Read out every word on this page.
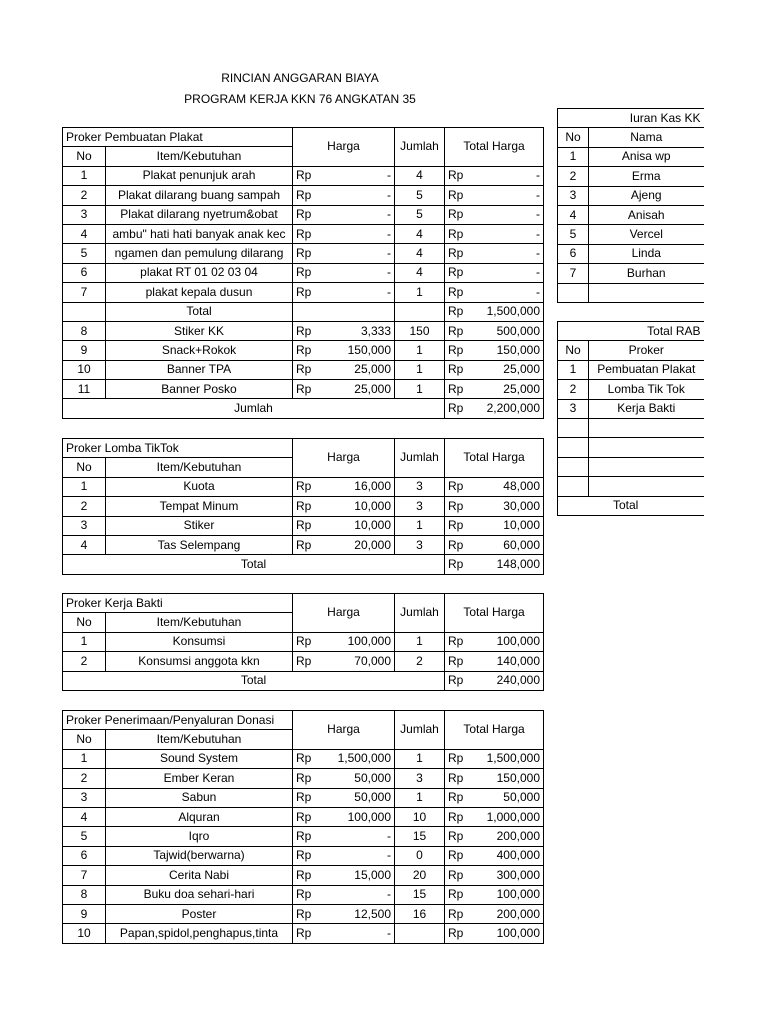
RINCIAN ANGGARAN BIAYA
PROGRAM KERJA KKN 76 ANGKATAN 35
Proker Pembuatan Plakat		Harga		Jumlah	Total Harga	
No	Item/Kebutuhan					
1	Plakat penunjuk arah	Rp	-	4	Rp	-
2	Plakat dilarang buang sampah	Rp	-	5	Rp	-
3	Plakat dilarang nyetrum&obat	Rp	-	5	Rp	-
4	ambu" hati hati banyak anak kec	Rp	-	4	Rp	-
5	ngamen dan pemulung dilarang	Rp	-	4	Rp	-
6	plakat RT 01 02 03 04	Rp	-	4	Rp	-
7	plakat kepala dusun	Rp	-	1	Rp	-
	Total				Rp	1,500,000
8	Stiker KK	Rp	3,333	150	Rp	500,000
9	Snack+Rokok	Rp	150,000	1	Rp	150,000
10	Banner TPA	Rp	25,000	1	Rp	25,000
11	Banner Posko	Rp	25,000	1	Rp	25,000
Jumlah					Rp	2,200,000
Proker Lomba TikTok		Harga		Jumlah	Total Harga	
No	Item/Kebutuhan					
1	Kuota	Rp	16,000	3	Rp	48,000
2	Tempat Minum	Rp	10,000	3	Rp	30,000
3	Stiker	Rp	10,000	1	Rp	10,000
4	Tas Selempang	Rp	20,000	3	Rp	60,000
Total					Rp	148,000
Proker Kerja Bakti		Harga		Jumlah	Total Harga	
No	Item/Kebutuhan					
1	Konsumsi	Rp	100,000	1	Rp	100,000
2	Konsumsi anggota kkn	Rp	70,000	2	Rp	140,000
Total					Rp	240,000
Proker Penerimaan/Penyaluran Donasi		Harga		Jumlah	Total Harga	
No	Item/Kebutuhan					
1	Sound System	Rp	1,500,000	1	Rp	1,500,000
2	Ember Keran	Rp	50,000	3	Rp	150,000
3	Sabun	Rp	50,000	1	Rp	50,000
4	Alquran	Rp	100,000	10	Rp	1,000,000
5	Iqro	Rp	-	15	Rp	200,000
6	Tajwid(berwarna)	Rp	-	0	Rp	400,000
7	Cerita Nabi	Rp	15,000	20	Rp	300,000
8	Buku doa sehari-hari	Rp	-	15	Rp	100,000
9	Poster	Rp	12,500	16	Rp	200,000
10	Papan,spidol,penghapus,tinta	Rp	-		Rp	100,000
Iuran Kas KK	
No	Nama
1	Anisa wp
2	Erma
3	Ajeng
4	Anisah
5	Vercel
6	Linda
7	Burhan

Total RAB	
No	Proker
1	Pembuatan Plakat
2	Lomba Tik Tok
3	Kerja Bakti

Total	
